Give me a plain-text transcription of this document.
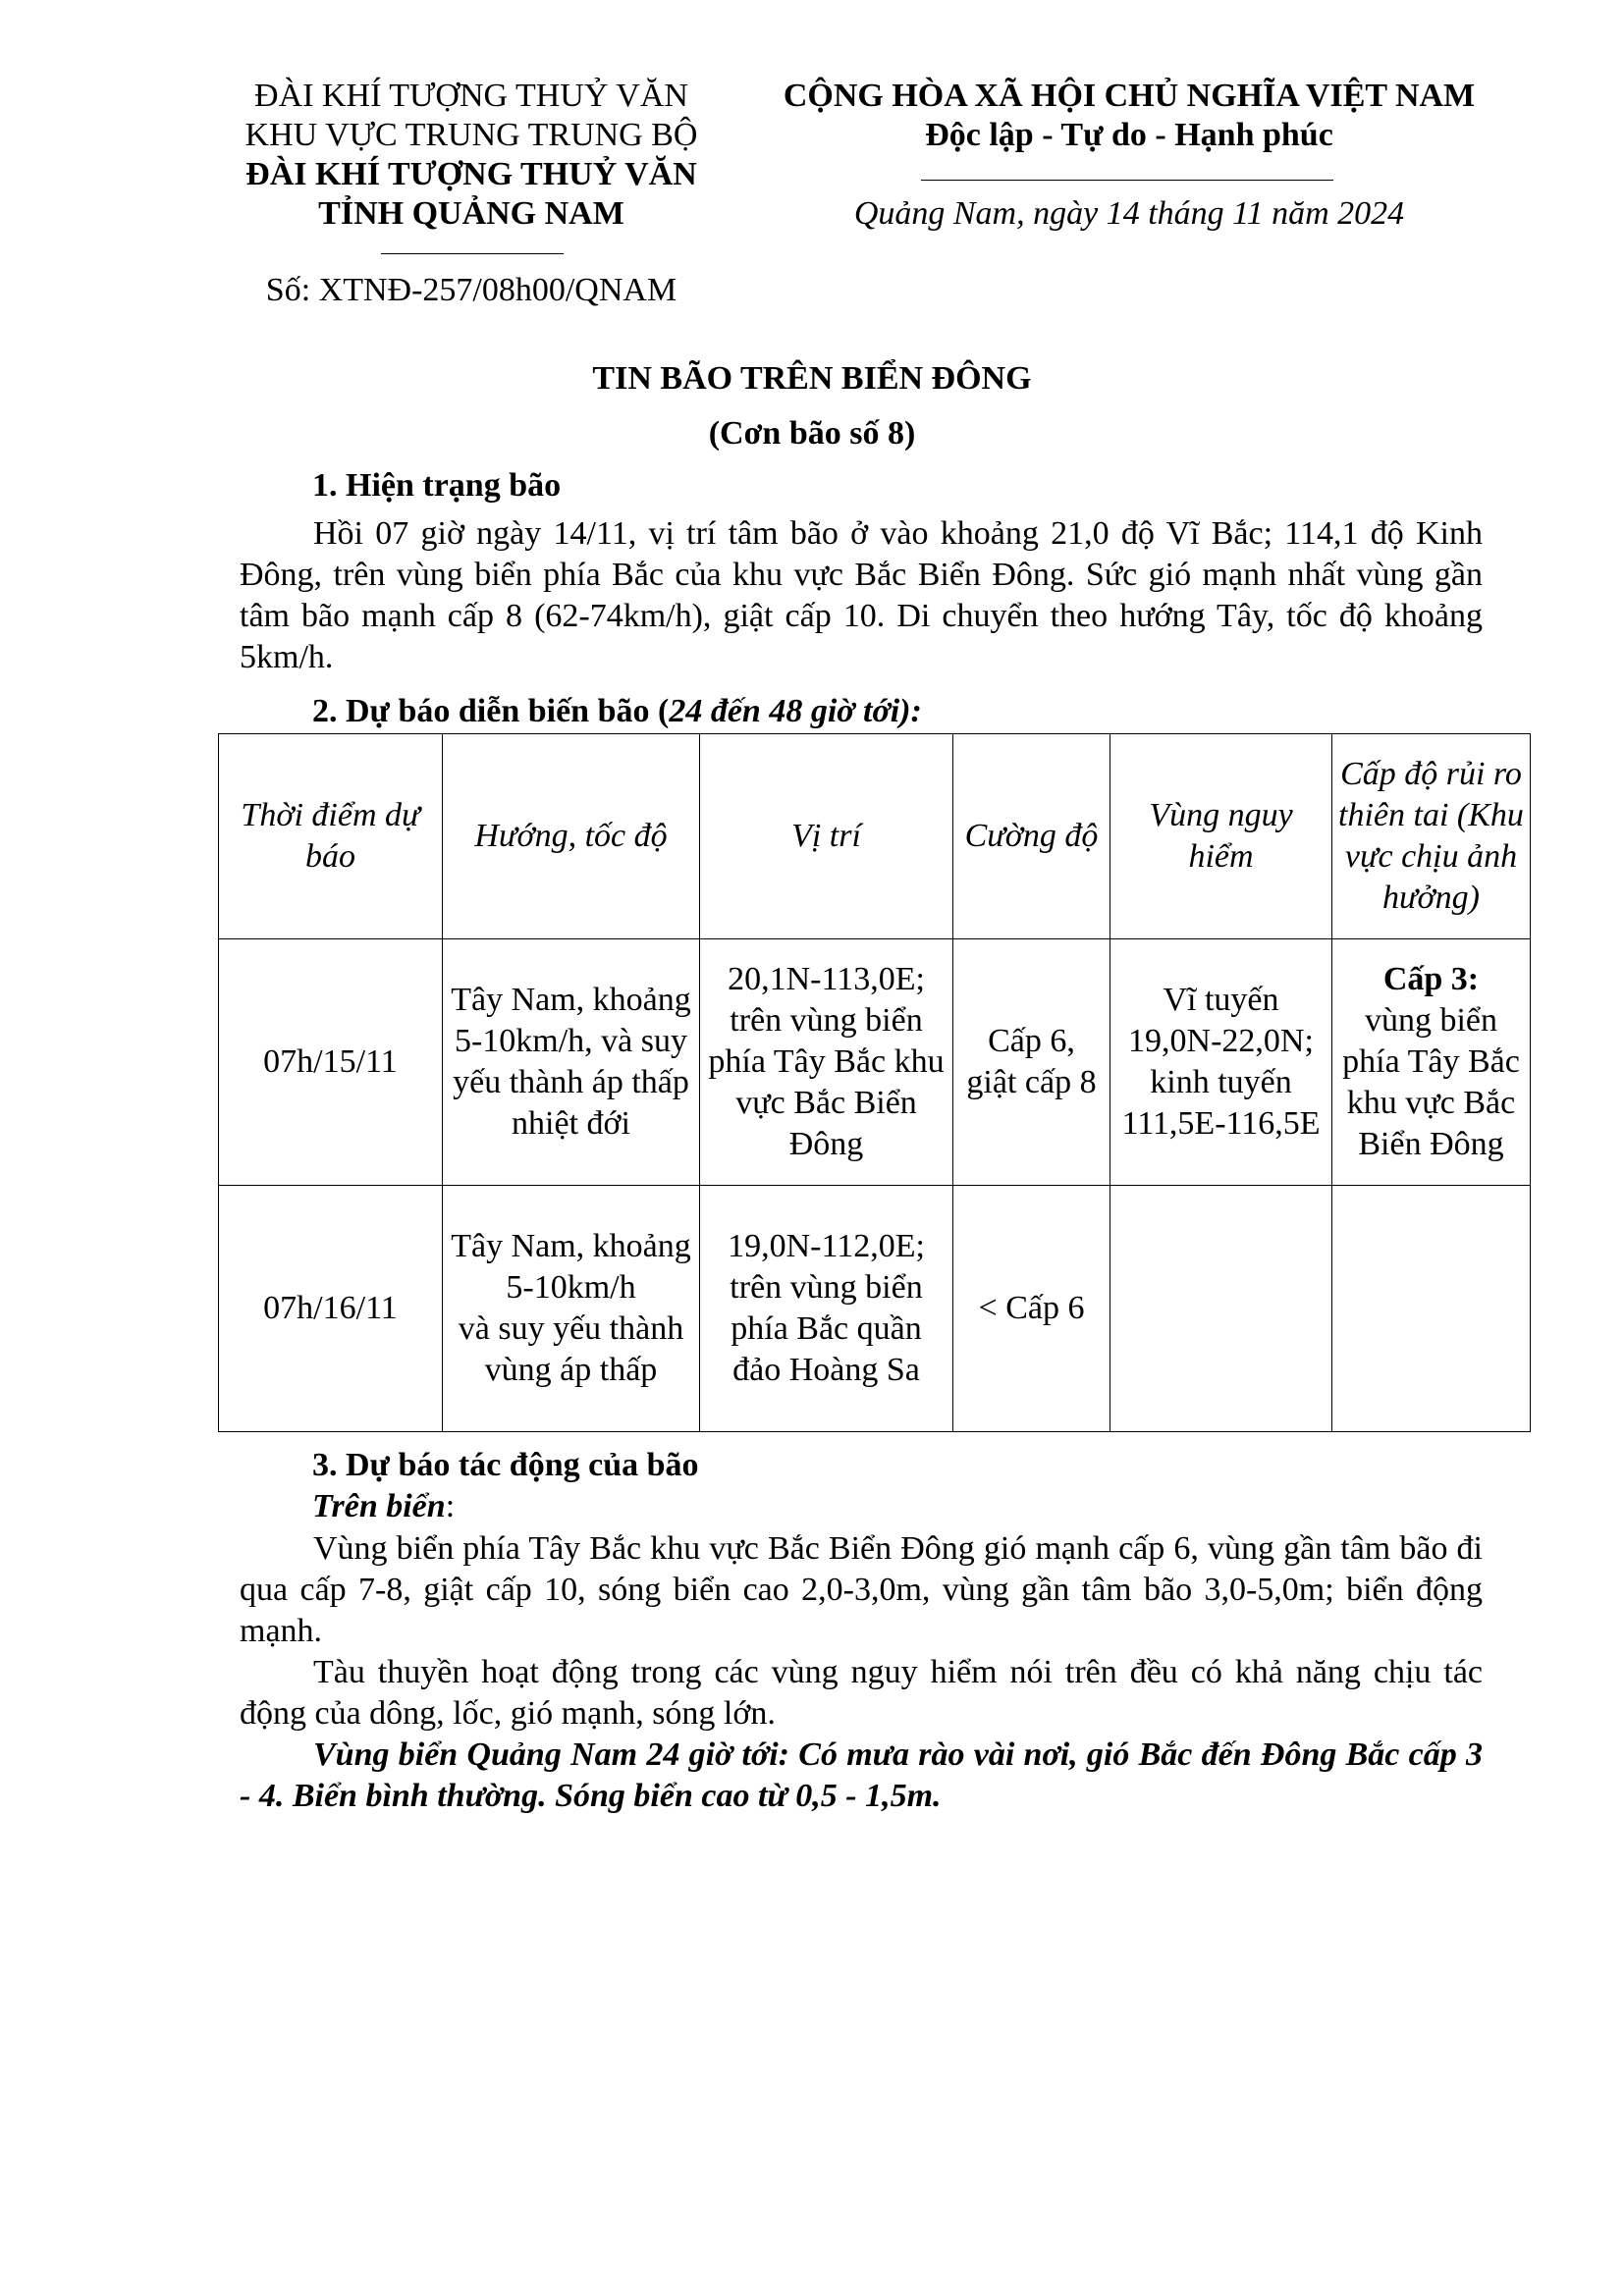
ĐÀI KHÍ TƯỢNG THUỶ VĂN
KHU VỰC TRUNG TRUNG BỘ
ĐÀI KHÍ TƯỢNG THUỶ VĂN
TỈNH QUẢNG NAM
Số: XTNĐ-257/08h00/QNAM
CỘNG HÒA XÃ HỘI CHỦ NGHĨA VIỆT NAM
Độc lập - Tự do - Hạnh phúc
Quảng Nam, ngày 14 tháng 11 năm 2024
TIN BÃO TRÊN BIỂN ĐÔNG
(Cơn bão số 8)
1. Hiện trạng bão
Hồi 07 giờ ngày 14/11, vị trí tâm bão ở vào khoảng 21,0 độ Vĩ Bắc; 114,1 độ Kinh Đông, trên vùng biển phía Bắc của khu vực Bắc Biển Đông. Sức gió mạnh nhất vùng gần tâm bão mạnh cấp 8 (62-74km/h), giật cấp 10. Di chuyển theo hướng Tây, tốc độ khoảng 5km/h.
2. Dự báo diễn biến bão (24 đến 48 giờ tới):
Thời điểm dự báo	Hướng, tốc độ	Vị trí	Cường độ	Vùng nguy hiểm	Cấp độ rủi ro thiên tai (Khu vực chịu ảnh hưởng)
07h/15/11	Tây Nam, khoảng 5-10km/h, và suy yếu thành áp thấp nhiệt đới	20,1N-113,0E; trên vùng biển phía Tây Bắc khu vực Bắc Biển Đông	Cấp 6, giật cấp 8	Vĩ tuyến 19,0N-22,0N; kinh tuyến 111,5E-116,5E	Cấp 3:
vùng biển phía Tây Bắc khu vực Bắc Biển Đông
07h/16/11	Tây Nam, khoảng 5-10km/h
và suy yếu thành vùng áp thấp	19,0N-112,0E; trên vùng biển phía Bắc quần đảo Hoàng Sa	< Cấp 6		
3. Dự báo tác động của bão
Trên biển:
Vùng biển phía Tây Bắc khu vực Bắc Biển Đông gió mạnh cấp 6, vùng gần tâm bão đi qua cấp 7-8, giật cấp 10, sóng biển cao 2,0-3,0m, vùng gần tâm bão 3,0-5,0m; biển động mạnh.
Tàu thuyền hoạt động trong các vùng nguy hiểm nói trên đều có khả năng chịu tác động của dông, lốc, gió mạnh, sóng lớn.
Vùng biển Quảng Nam 24 giờ tới: Có mưa rào vài nơi, gió Bắc đến Đông Bắc cấp 3 - 4. Biển bình thường. Sóng biển cao từ 0,5 - 1,5m.
